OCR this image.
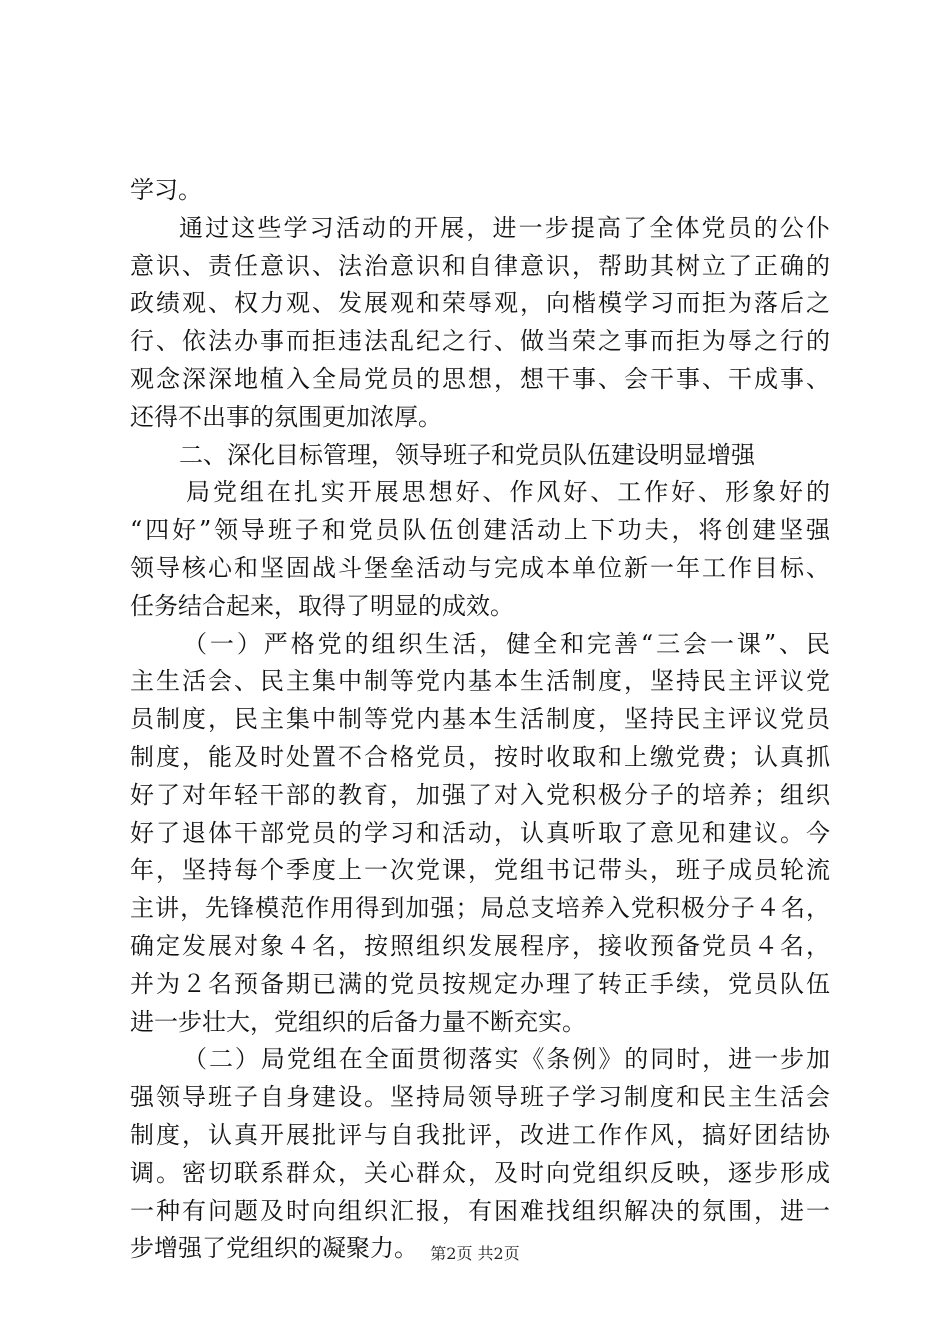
学习。
通过这些学习活动的开展，进一步提高了全体党员的公仆
意识、责任意识、法治意识和自律意识，帮助其树立了正确的
政绩观、权力观、发展观和荣辱观，向楷模学习而拒为落后之
行、依法办事而拒违法乱纪之行、做当荣之事而拒为辱之行的
观念深深地植入全局党员的思想，想干事、会干事、干成事、
还得不出事的氛围更加浓厚。
二、深化目标管理，领导班子和党员队伍建设明显增强
局党组在扎实开展思想好、作风好、工作好、形象好的
“四好”领导班子和党员队伍创建活动上下功夫，将创建坚强
领导核心和坚固战斗堡垒活动与完成本单位新一年工作目标、
任务结合起来，取得了明显的成效。
（一）严格党的组织生活，健全和完善“三会一课”、民
主生活会、民主集中制等党内基本生活制度，坚持民主评议党
员制度，民主集中制等党内基本生活制度，坚持民主评议党员
制度，能及时处置不合格党员，按时收取和上缴党费；认真抓
好了对年轻干部的教育，加强了对入党积极分子的培养；组织
好了退体干部党员的学习和活动，认真听取了意见和建议。今
年，坚持每个季度上一次党课，党组书记带头，班子成员轮流
主讲，先锋模范作用得到加强；局总支培养入党积极分子４名，
确定发展对象４名，按照组织发展程序，接收预备党员４名，
并为２名预备期已满的党员按规定办理了转正手续，党员队伍
进一步壮大，党组织的后备力量不断充实。
（二）局党组在全面贯彻落实《条例》的同时，进一步加
强领导班子自身建设。坚持局领导班子学习制度和民主生活会
制度，认真开展批评与自我批评，改进工作作风，搞好团结协
调。密切联系群众，关心群众，及时向党组织反映，逐步形成
一种有问题及时向组织汇报，有困难找组织解决的氛围，进一
步增强了党组织的凝聚力。 第2页 共2页
